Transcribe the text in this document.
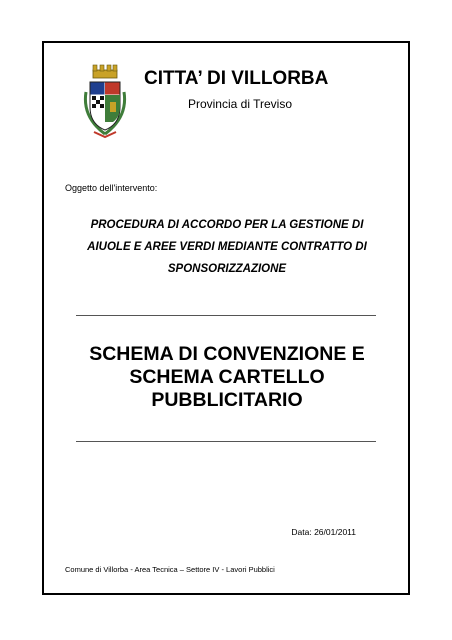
CITTA’ DI VILLORBA
Provincia di Treviso
Oggetto dell'intervento:
PROCEDURA DI ACCORDO PER LA GESTIONE DI
AIUOLE E AREE VERDI MEDIANTE CONTRATTO DI
SPONSORIZZAZIONE
SCHEMA DI CONVENZIONE E
SCHEMA CARTELLO
PUBBLICITARIO
Data: 26/01/2011
Comune di Villorba - Area Tecnica – Settore IV - Lavori Pubblici
